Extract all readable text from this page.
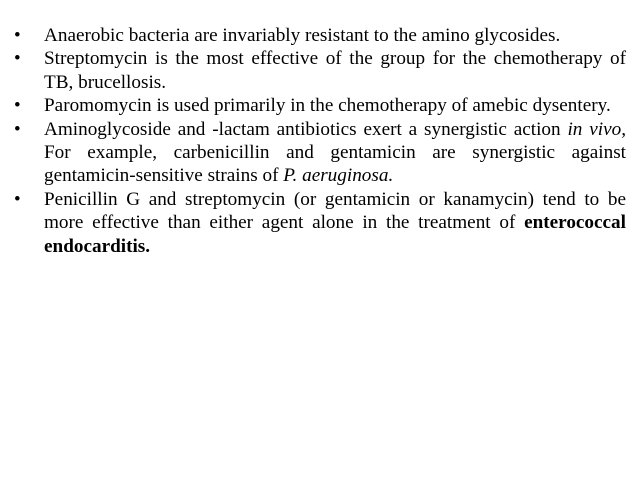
•	Anaerobic bacteria are invariably resistant to the amino glycosides.
•	Streptomycin is the most effective of the group for the chemotherapy of TB, brucellosis.
•	Paromomycin is used primarily in the chemotherapy of amebic dysentery.
•	Aminoglycoside and -lactam antibiotics exert a synergistic action in vivo, For example, carbenicillin and gentamicin are synergistic against gentamicin-sensitive strains of P. aeruginosa.
•	Penicillin G and streptomycin (or gentamicin or kanamycin) tend to be more effective than either agent alone in the treatment of enterococcal endocarditis.
